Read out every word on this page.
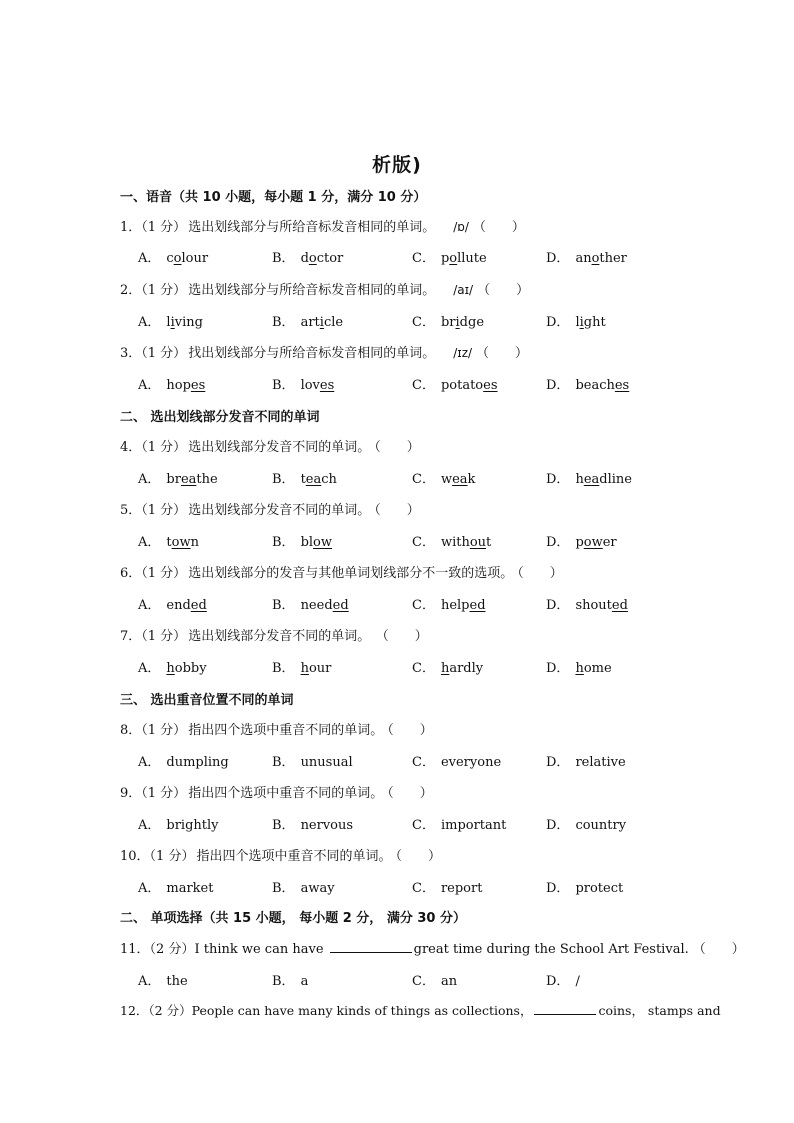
析版)
一、语音（共 10 小题，每小题 1 分，满分 10 分）
1．（1 分） 选出划线部分与所给音标发音相同的单词。 /ɒ/ （　　）
A． colour	B． doctor	C． pollute	D． another
2．（1 分） 选出划线部分与所给音标发音相同的单词。 /aɪ/ （　　）
A． living	B． article	C． bridge	D． light
3．（1 分） 找出划线部分与所给音标发音相同的单词。 /ɪz/ （　　）
A． hopes	B． loves	C． potatoes	D． beaches
二、 选出划线部分发音不同的单词
4．（1 分） 选出划线部分发音不同的单词。 （　　）
A． breathe	B． teach	C． weak	D． headline
5．（1 分） 选出划线部分发音不同的单词。 （　　）
A． town	B． blow	C． without	D． power
6．（1 分） 选出划线部分的发音与其他单词划线部分不一致的选项。 （　　）
A． ended	B． needed	C． helped	D． shouted
7．（1 分） 选出划线部分发音不同的单词。 （　　）
A． hobby	B． hour	C． hardly	D． home
三、 选出重音位置不同的单词
8．（1 分） 指出四个选项中重音不同的单词。 （　　）
A． dumpling	B． unusual	C． everyone	D． relative
9．（1 分） 指出四个选项中重音不同的单词。 （　　）
A． brightly	B． nervous	C． important	D． country
10．（1 分） 指出四个选项中重音不同的单词。 （　　）
A． market	B． away	C． report	D． protect
二、 单项选择（共 15 小题， 每小题 2 分， 满分 30 分）
11．（2 分）I think we can have	great time during the School Art Festival. （　　）
A． the	B． a	C． an	D． /
12．（2 分）People can have many kinds of things as collections，	coins， stamps and
